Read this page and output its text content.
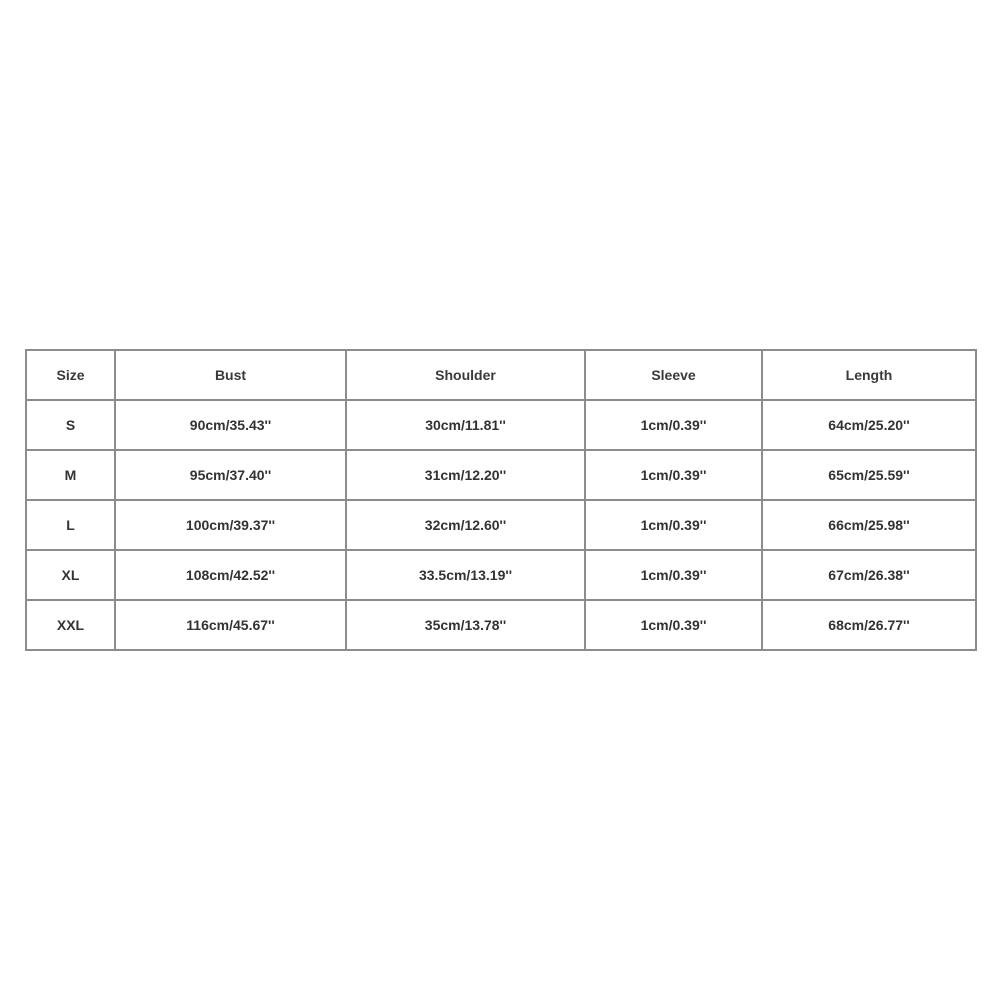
Size	Bust	Shoulder	Sleeve	Length
S	90cm/35.43''	30cm/11.81''	1cm/0.39''	64cm/25.20''
M	95cm/37.40''	31cm/12.20''	1cm/0.39''	65cm/25.59''
L	100cm/39.37''	32cm/12.60''	1cm/0.39''	66cm/25.98''
XL	108cm/42.52''	33.5cm/13.19''	1cm/0.39''	67cm/26.38''
XXL	116cm/45.67''	35cm/13.78''	1cm/0.39''	68cm/26.77''
